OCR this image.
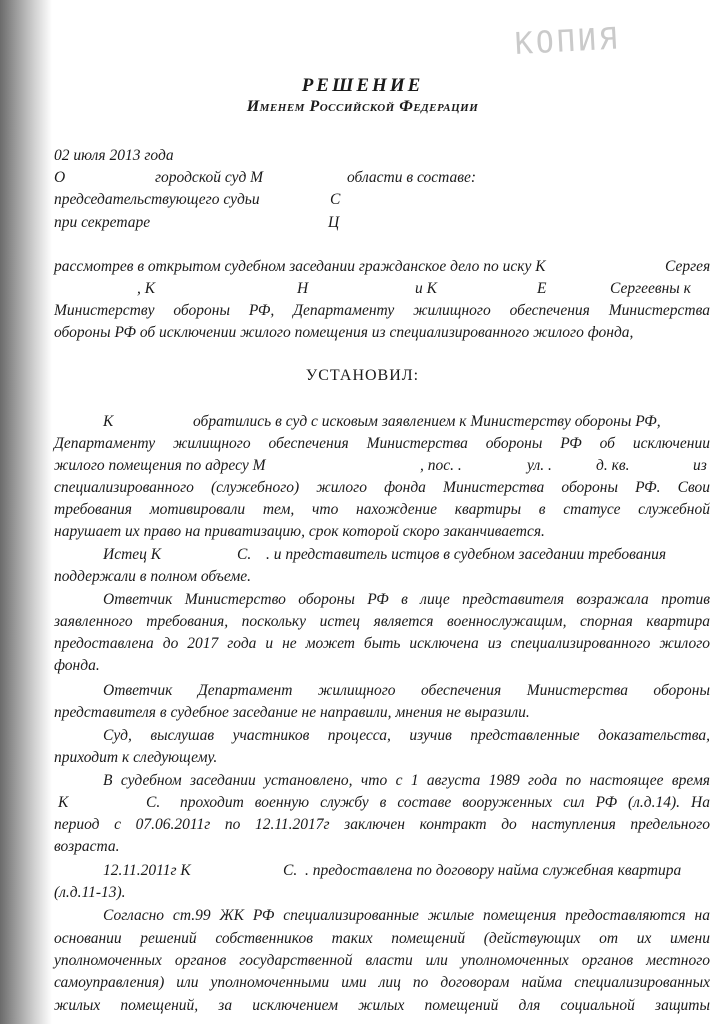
КОПИЯ
РЕШЕНИЕ
Именем Российской Федерации
02 июля 2013 года
О	городской суд М	области в составе:
председательствующего судьи	С
при секретаре	Ц
рассмотрев в открытом судебном заседании гражданское дело по иску К	Сергея
, К	Н	и К	Е	Сергеевны к
Министерству обороны РФ, Департаменту жилищного обеспечения Министерства
обороны РФ об исключении жилого помещения из специализированного жилого фонда,
УСТАНОВИЛ:
К	обратились в суд с исковым заявлением к Министерству обороны РФ,
Департаменту жилищного обеспечения Министерства обороны РФ об исключении
жилого помещения по адресу М	, пос. .	ул. .	д. кв.	из
специализированного (служебного) жилого фонда Министерства обороны РФ. Свои
требования мотивировали тем, что нахождение квартиры в статусе служебной
нарушает их право на приватизацию, срок которой скоро заканчивается.
Истец К	С. . и представитель истцов в судебном заседании требования
поддержали в полном объеме.
Ответчик Министерство обороны РФ в лице представителя возражала против
заявленного требования, поскольку истец является военнослужащим, спорная квартира
предоставлена до 2017 года и не может быть исключена из специализированного жилого
фонда.
Ответчик Департамент жилищного обеспечения Министерства обороны
представителя в судебное заседание не направили, мнения не выразили.
Суд, выслушав участников процесса, изучив представленные доказательства,
приходит к следующему.
В судебном заседании установлено, что с 1 августа 1989 года по настоящее время
К	С. проходит военную службу в составе вооруженных сил РФ (л.д.14). На
период с 07.06.2011г по 12.11.2017г заключен контракт до наступления предельного
возраста.
12.11.2011г К	С. . предоставлена по договору найма служебная квартира
(л.д.11-13).
Согласно ст.99 ЖК РФ специализированные жилые помещения предоставляются на
основании решений собственников таких помещений (действующих от их имени
уполномоченных органов государственной власти или уполномоченных органов местного
самоуправления) или уполномоченными ими лиц по договорам найма специализированных
жилых помещений, за исключением жилых помещений для социальной защиты
